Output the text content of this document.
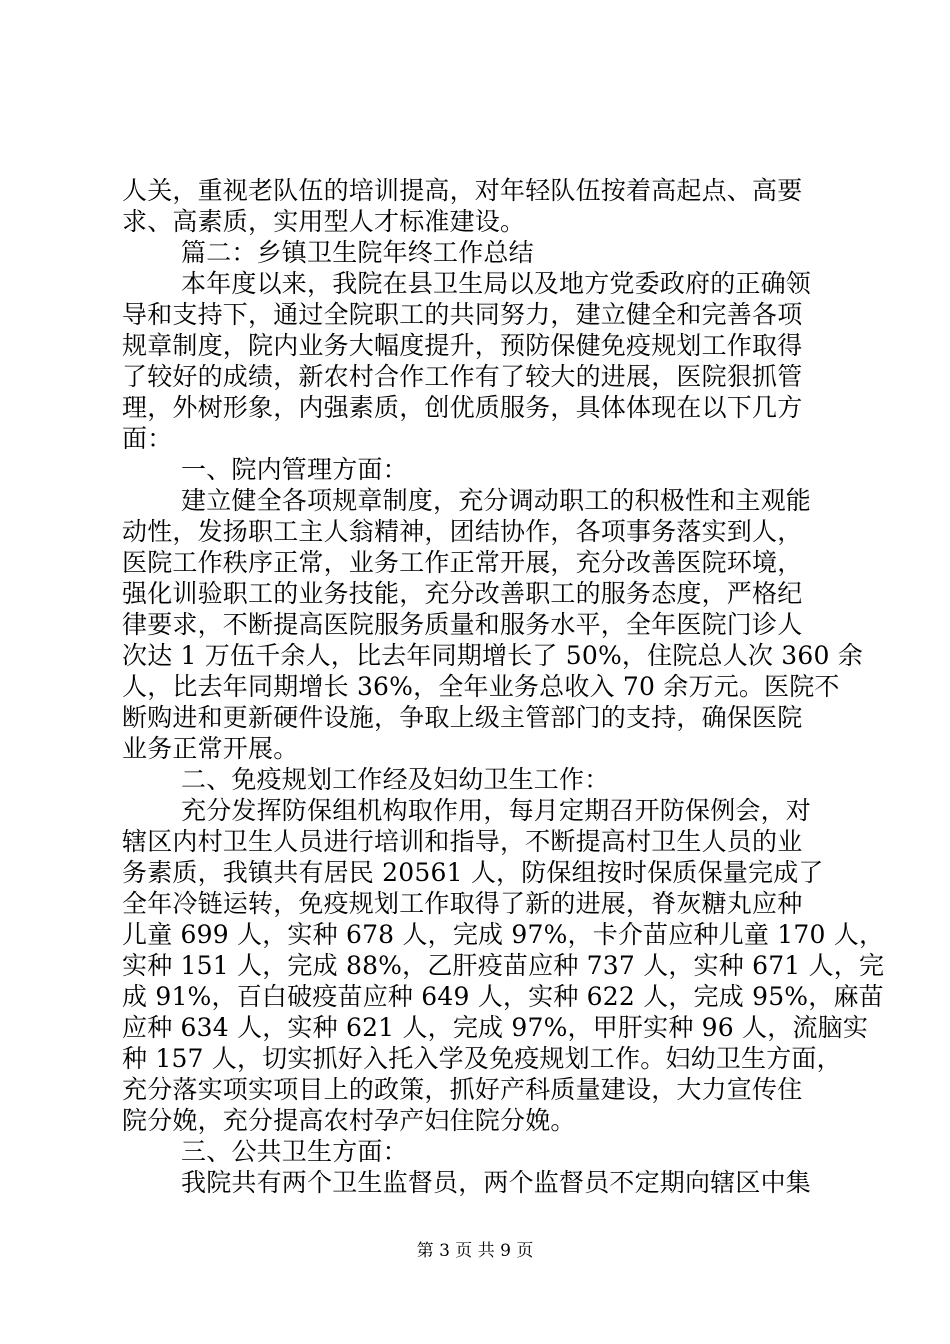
人关，重视老队伍的培训提高，对年轻队伍按着高起点、高要
求、高素质，实用型人才标准建设。
篇二：乡镇卫生院年终工作总结
本年度以来，我院在县卫生局以及地方党委政府的正确领
导和支持下，通过全院职工的共同努力，建立健全和完善各项
规章制度，院内业务大幅度提升，预防保健免疫规划工作取得
了较好的成绩，新农村合作工作有了较大的进展，医院狠抓管
理，外树形象，内强素质，创优质服务，具体体现在以下几方
面：
一、院内管理方面：
建立健全各项规章制度，充分调动职工的积极性和主观能
动性，发扬职工主人翁精神，团结协作，各项事务落实到人，
医院工作秩序正常，业务工作正常开展，充分改善医院环境，
强化训验职工的业务技能，充分改善职工的服务态度，严格纪
律要求，不断提高医院服务质量和服务水平，全年医院门诊人
次达 1 万伍千余人，比去年同期增长了 50%，住院总人次 360 余
人，比去年同期增长 36%，全年业务总收入 70 余万元。医院不
断购进和更新硬件设施，争取上级主管部门的支持，确保医院
业务正常开展。
二、免疫规划工作经及妇幼卫生工作：
充分发挥防保组机构取作用，每月定期召开防保例会，对
辖区内村卫生人员进行培训和指导，不断提高村卫生人员的业
务素质，我镇共有居民 20561 人，防保组按时保质保量完成了
全年冷链运转，免疫规划工作取得了新的进展，脊灰糖丸应种
儿童 699 人，实种 678 人，完成 97%，卡介苗应种儿童 170 人，
实种 151 人，完成 88%，乙肝疫苗应种 737 人，实种 671 人，完
成 91%，百白破疫苗应种 649 人，实种 622 人，完成 95%，麻苗
应种 634 人，实种 621 人，完成 97%，甲肝实种 96 人，流脑实
种 157 人，切实抓好入托入学及免疫规划工作。妇幼卫生方面，
充分落实项实项目上的政策，抓好产科质量建设，大力宣传住
院分娩，充分提高农村孕产妇住院分娩。
三、公共卫生方面：
我院共有两个卫生监督员，两个监督员不定期向辖区中集
第 3 页 共 9 页
